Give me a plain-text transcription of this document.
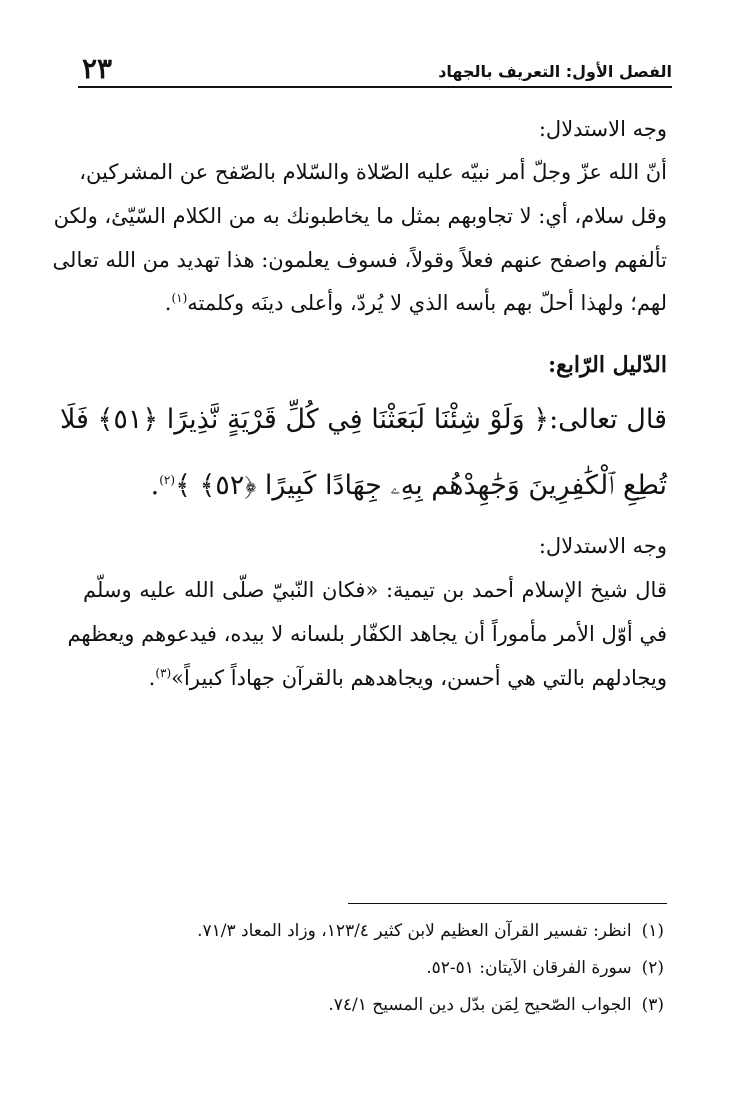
الفصل الأول: التعريف بالجهاد
٢٣
وجه الاستدلال:
أنّ الله عزّ وجلّ أمر نبيّه عليه الصّلاة والسّلام بالصّفح عن المشركين،
وقل سلام، أي: لا تجاوبهم بمثل ما يخاطبونك به من الكلام السّيّئ، ولكن
تألفهم واصفح عنهم فعلاً وقولاً، فسوف يعلمون: هذا تهديد من الله تعالى
لهم؛ ولهذا أحلّ بهم بأسه الذي لا يُردّ، وأعلى دينَه وكلمته$^{(١)}$.
الدّليل الرّابع:
قال تعالى:﴿ وَلَوْ شِئْنَا لَبَعَثْنَا فِي كُلِّ قَرْيَةٍ نَّذِيرًا ﴿٥١﴾ فَلَا
تُطِعِ ٱلْكَٰفِرِينَ وَجَٰهِدْهُم بِهِۦ جِهَادًا كَبِيرًا ﴿٥٢﴾ ﴾$^{(٢)}$.
وجه الاستدلال:
قال شيخ الإسلام أحمد بن تيمية: «فكان النّبيّ صلّى الله عليه وسلّم
في أوّل الأمر مأموراً أن يجاهد الكفّار بلسانه لا بيده، فيدعوهم ويعظهم
ويجادلهم بالتي هي أحسن، ويجاهدهم بالقرآن جهاداً كبيراً»$^{(٣)}$.
(١)انظر: تفسير القرآن العظيم لابن كثير ١٢٣/٤، وزاد المعاد ٧١/٣.
(٢)سورة الفرقان الآيتان: ٥١-٥٢.
(٣)الجواب الصّحيح لِمَن بدّل دين المسيح ٧٤/١.
